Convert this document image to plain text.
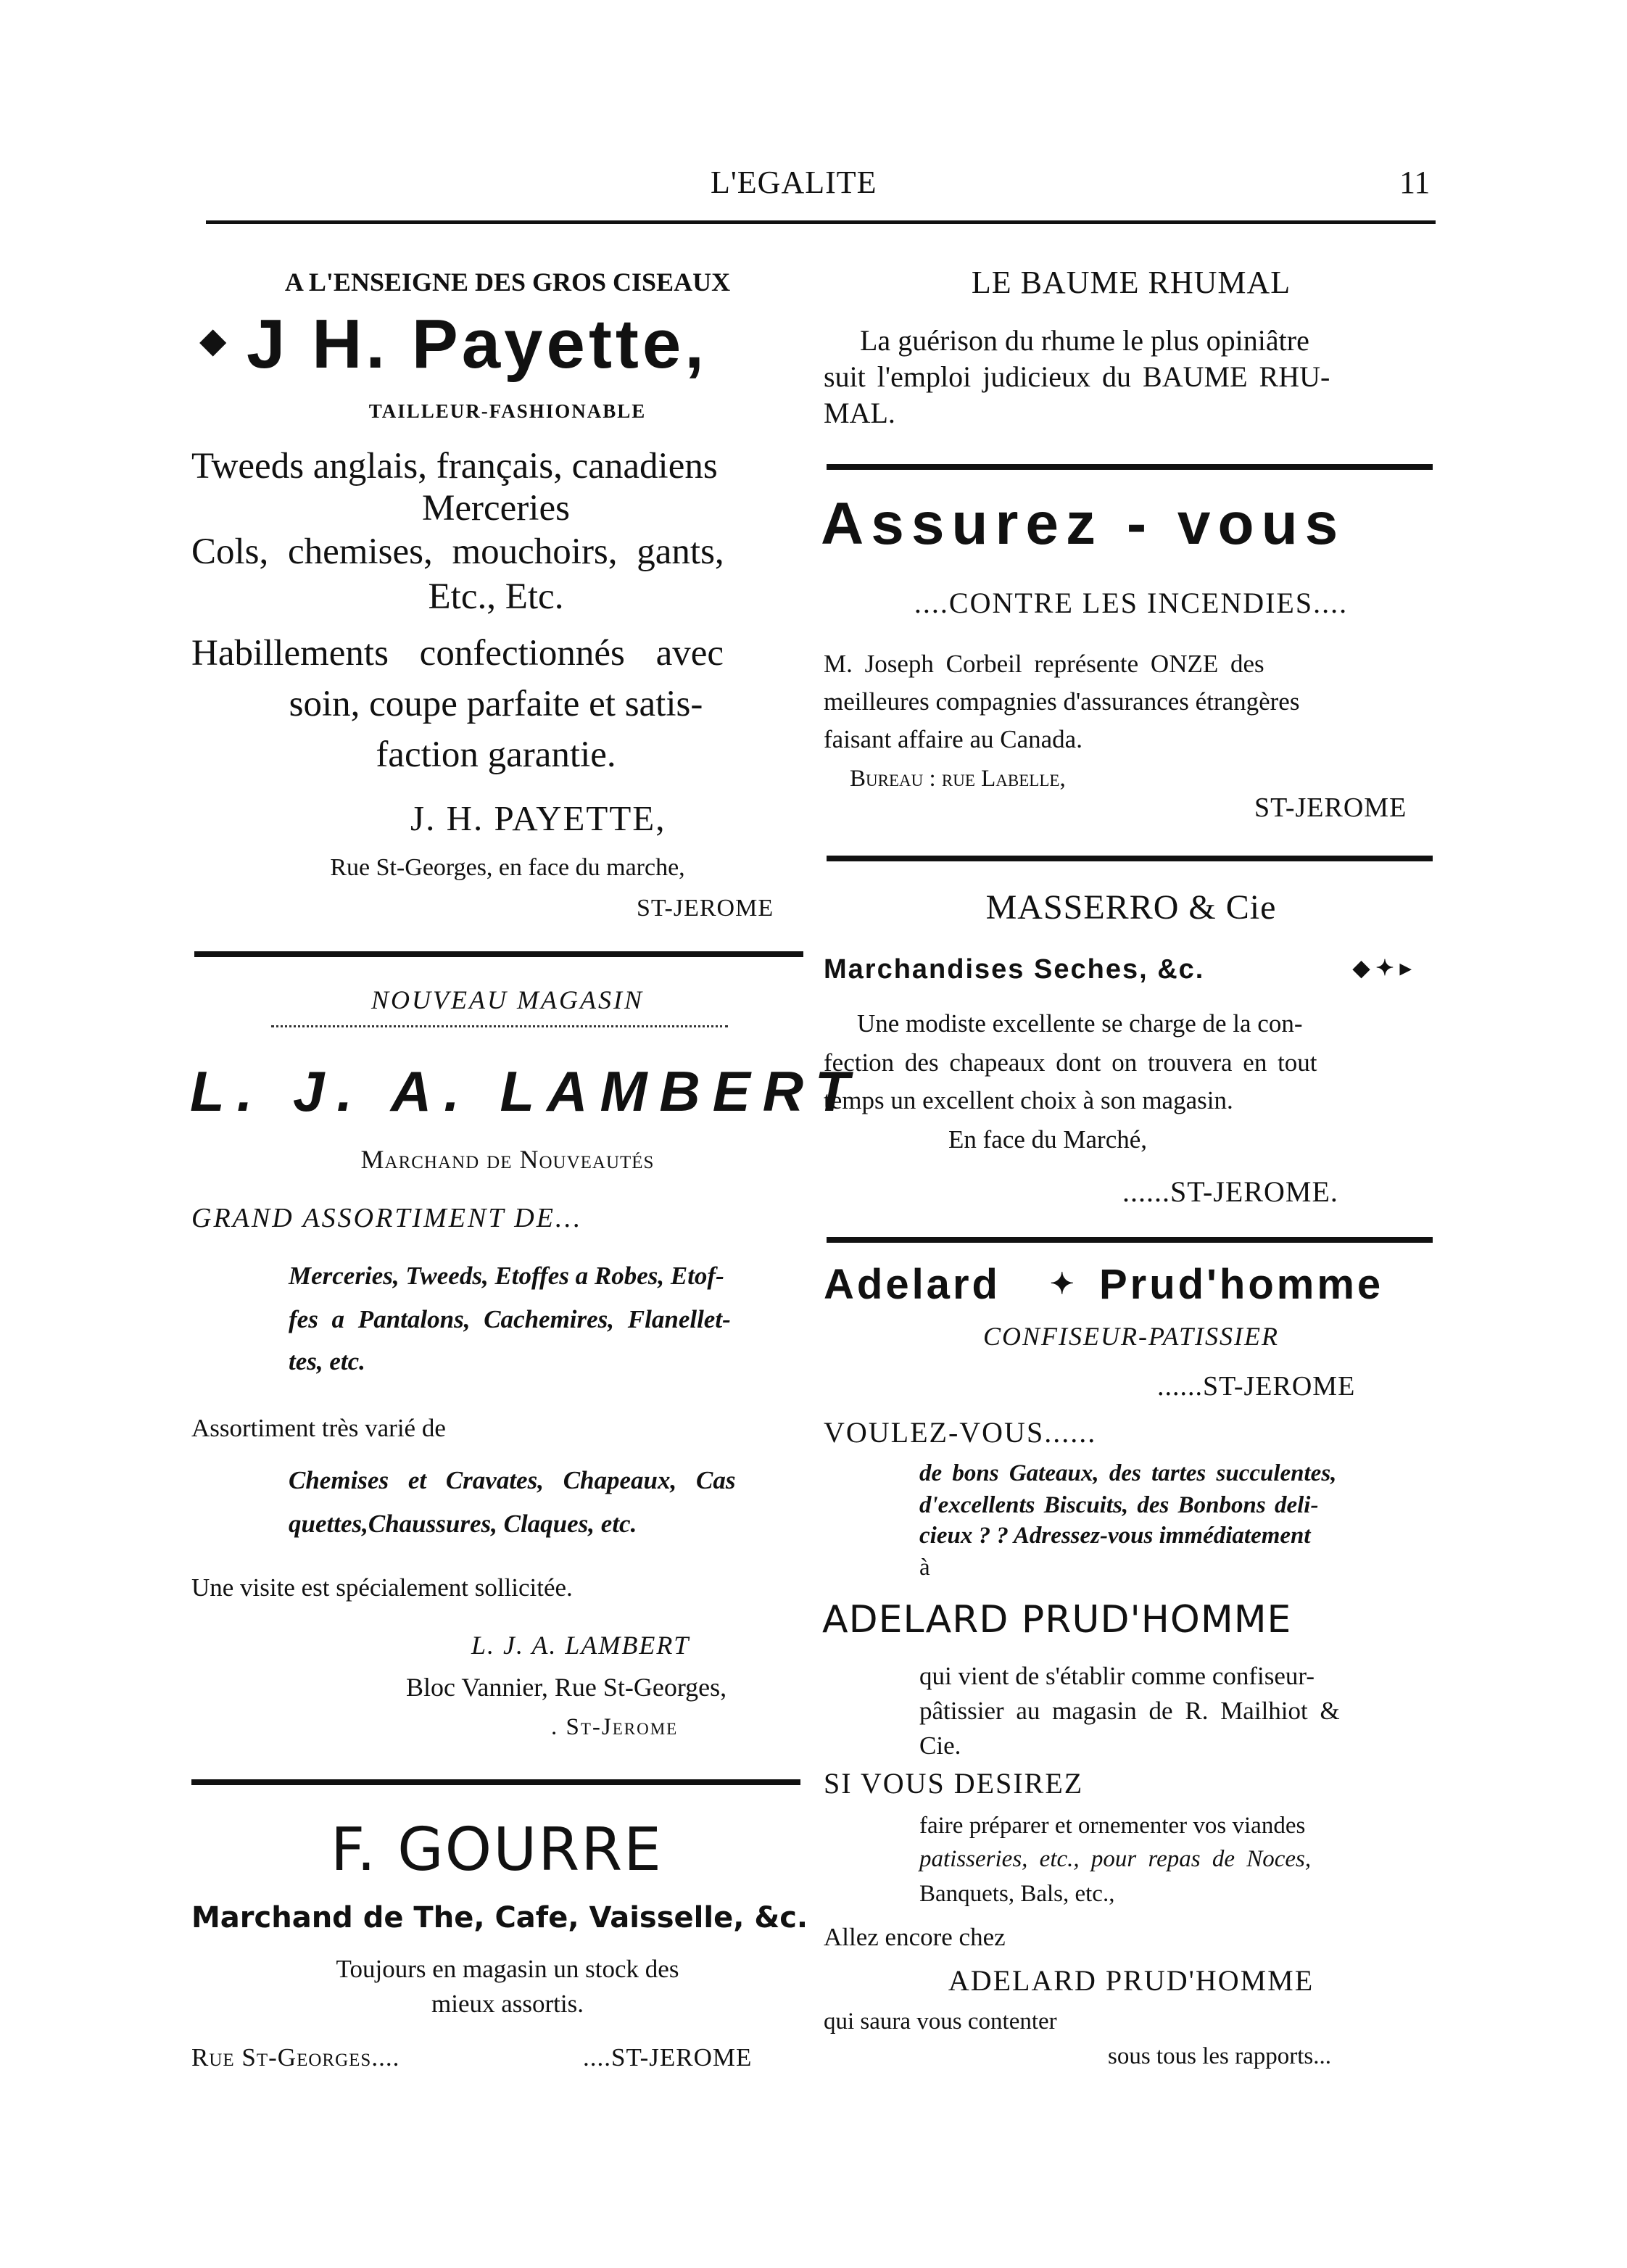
L'EGALITE	11
A L'ENSEIGNE DES GROS CISEAUX
◆ J H. Payette,
TAILLEUR-FASHIONABLE
Tweeds anglais, français, canadiens
Merceries
Cols, chemises, mouchoirs, gants,
Etc., Etc.
Habillements confectionnés avec
soin, coupe parfaite et satis-
faction garantie.
J. H. PAYETTE,
Rue St-Georges, en face du marche,
ST-JEROME
NOUVEAU MAGASIN
L. J. A. LAMBERT
Marchand de Nouveautés
GRAND ASSORTIMENT DE...
Merceries, Tweeds, Etoffes a Robes, Etof-
fes a Pantalons, Cachemires, Flanellet-
tes, etc.
Assortiment très varié de
Chemises et Cravates, Chapeaux, Cas
quettes,Chaussures, Claques, etc.
Une visite est spécialement sollicitée.
L. J. A. LAMBERT
Bloc Vannier, Rue St-Georges,
. St-Jerome
F. GOURRE
Marchand de The, Cafe, Vaisselle, &c.
Toujours en magasin un stock des
mieux assortis.
Rue St-Georges....	....ST-JEROME
LE BAUME RHUMAL
La guérison du rhume le plus opiniâtre
suit l'emploi judicieux du BAUME RHU-
MAL.
Assurez - vous
....CONTRE LES INCENDIES....
M. Joseph Corbeil représente ONZE des
meilleures compagnies d'assurances étrangères
faisant affaire au Canada.
Bureau : rue Labelle,
ST-JEROME
MASSERRO & Cie
Marchandises Seches, &c.	◆ ✦ ▸
Une modiste excellente se charge de la con-
fection des chapeaux dont on trouvera en tout
temps un excellent choix à son magasin.
En face du Marché,
......ST-JEROME.
Adelard ✦ Prud'homme
CONFISEUR-PATISSIER
......ST-JEROME
VOULEZ-VOUS......
de bons Gateaux, des tartes succulentes,
d'excellents Biscuits, des Bonbons deli-
cieux ? ? Adressez-vous immédiatement
à
ADELARD PRUD'HOMME
qui vient de s'établir comme confiseur-
pâtissier au magasin de R. Mailhiot &
Cie.
SI VOUS DESIREZ
faire préparer et ornementer vos viandes
patisseries, etc., pour repas de Noces,
Banquets, Bals, etc.,
Allez encore chez
ADELARD PRUD'HOMME
qui saura vous contenter
sous tous les rapports...
